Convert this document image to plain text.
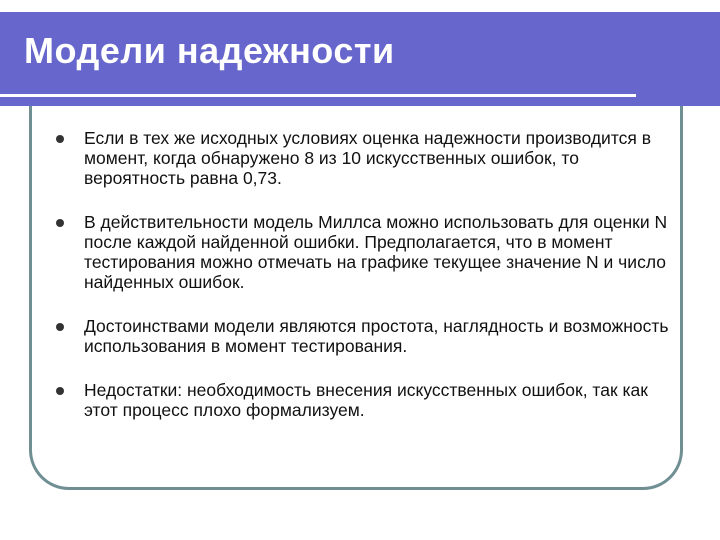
Модели надежности
Если в тех же исходных условиях оценка надежности производится в момент, когда обнаружено 8 из 10 искусственных ошибок, то вероятность равна 0,73.
В действительности модель Миллса можно использовать для оценки N после каждой найденной ошибки. Предполагается, что в момент тестирования можно отмечать на графике текущее значение N и число найденных ошибок.
Достоинствами модели являются простота, наглядность и возможность использования в момент тестирования.
Недостатки: необходимость внесения искусственных ошибок, так как этот процесс плохо формализуем.
